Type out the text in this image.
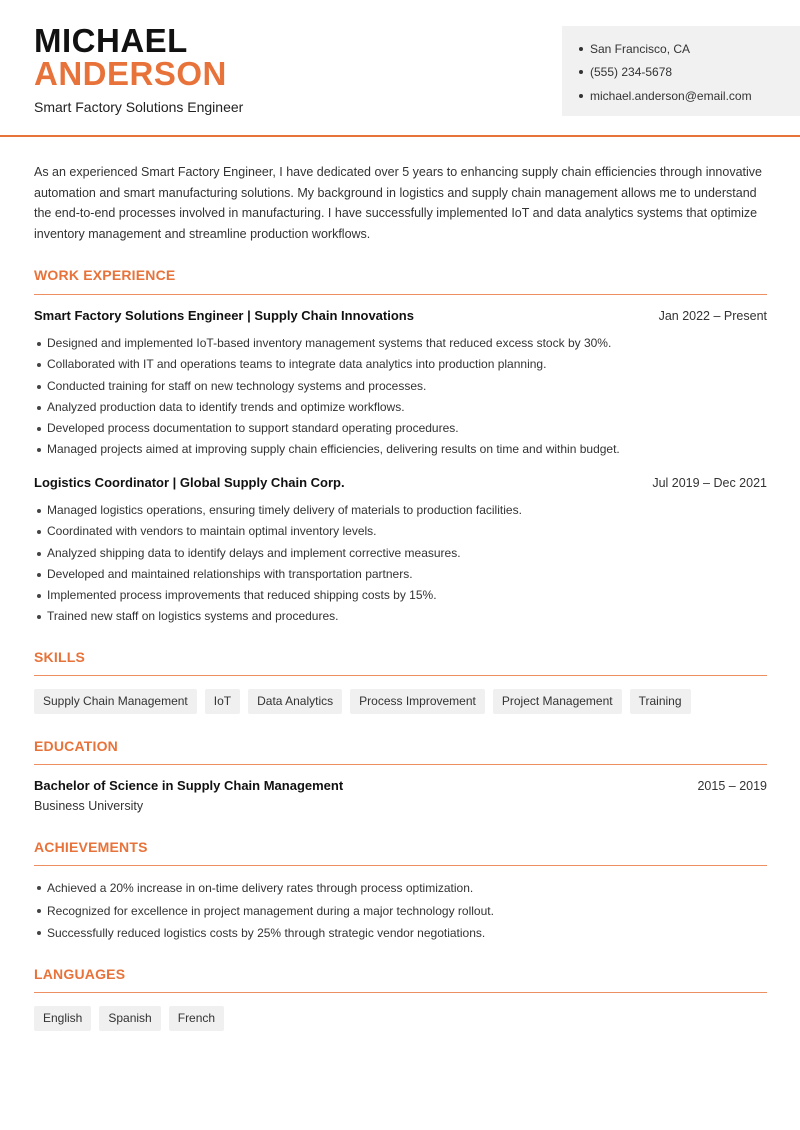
MICHAEL
ANDERSON
Smart Factory Solutions Engineer
San Francisco, CA
(555) 234-5678
michael.anderson@email.com

As an experienced Smart Factory Engineer, I have dedicated over 5 years to enhancing supply chain efficiencies through innovative automation and smart manufacturing solutions. My background in logistics and supply chain management allows me to understand the end-to-end processes involved in manufacturing. I have successfully implemented IoT and data analytics systems that optimize inventory management and streamline production workflows.

WORK EXPERIENCE
Smart Factory Solutions Engineer | Supply Chain Innovations	Jan 2022 – Present
Designed and implemented IoT-based inventory management systems that reduced excess stock by 30%.
Collaborated with IT and operations teams to integrate data analytics into production planning.
Conducted training for staff on new technology systems and processes.
Analyzed production data to identify trends and optimize workflows.
Developed process documentation to support standard operating procedures.
Managed projects aimed at improving supply chain efficiencies, delivering results on time and within budget.
Logistics Coordinator | Global Supply Chain Corp.	Jul 2019 – Dec 2021
Managed logistics operations, ensuring timely delivery of materials to production facilities.
Coordinated with vendors to maintain optimal inventory levels.
Analyzed shipping data to identify delays and implement corrective measures.
Developed and maintained relationships with transportation partners.
Implemented process improvements that reduced shipping costs by 15%.
Trained new staff on logistics systems and procedures.
SKILLS
Supply Chain Management	IoT	Data Analytics	Process Improvement	Project Management	Training
EDUCATION
Bachelor of Science in Supply Chain Management	2015 – 2019
Business University
ACHIEVEMENTS
Achieved a 20% increase in on-time delivery rates through process optimization.
Recognized for excellence in project management during a major technology rollout.
Successfully reduced logistics costs by 25% through strategic vendor negotiations.
LANGUAGES
English	Spanish	French
